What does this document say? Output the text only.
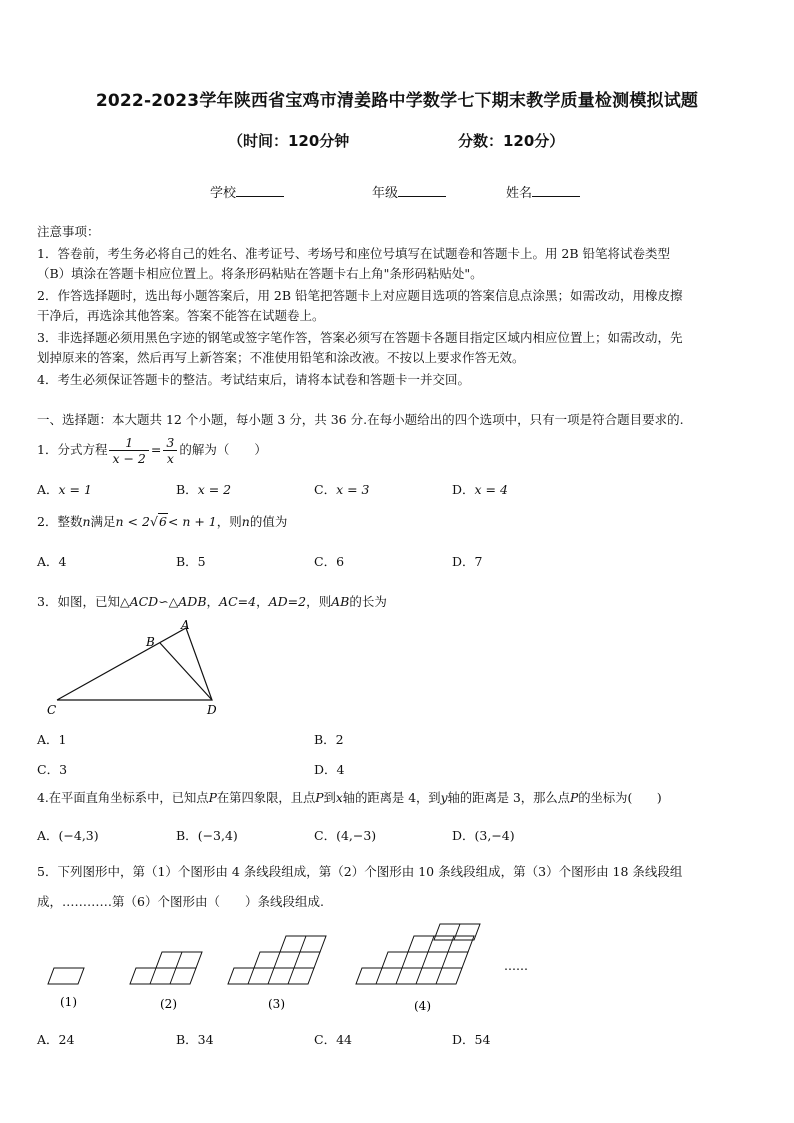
2022-2023学年陕西省宝鸡市清姜路中学数学七下期末教学质量检测模拟试题
（时间：120分钟	分数：120分）
学校	年级	姓名
注意事项：
1．答卷前，考生务必将自己的姓名、准考证号、考场号和座位号填写在试题卷和答题卡上。用 2B 铅笔将试卷类型
（B）填涂在答题卡相应位置上。将条形码粘贴在答题卡右上角"条形码粘贴处"。
2．作答选择题时，选出每小题答案后，用 2B 铅笔把答题卡上对应题目选项的答案信息点涂黑；如需改动，用橡皮擦
干净后，再选涂其他答案。答案不能答在试题卷上。
3．非选择题必须用黑色字迹的钢笔或签字笔作答，答案必须写在答题卡各题目指定区域内相应位置上；如需改动，先
划掉原来的答案，然后再写上新答案；不准使用铅笔和涂改液。不按以上要求作答无效。
4．考生必须保证答题卡的整洁。考试结束后，请将本试卷和答题卡一并交回。
一、选择题：本大题共 12 个小题，每小题 3 分，共 36 分.在每小题给出的四个选项中，只有一项是符合题目要求的.
1．分式方程 $\frac{1}{x - 2} = \frac{3}{x}$ 的解为（　　）
A．x = 1	B．x = 2	C．x = 3	D．x = 4
2．整数n满足n < 2√6< n + 1，则n的值为
A．4	B．5	C．6	D．7
3．如图，已知△ACD∽△ADB，AC=4，AD=2，则AB的长为
A
B
C	D
A．1	B．2
C．3	D．4
4.在平面直角坐标系中，已知点P在第四象限，且点P到x轴的距离是 4，到y轴的距离是 3，那么点P的坐标为(　　)
A．(−4,3)	B．(−3,4)	C．(4,−3)	D．(3,−4)
5．下列图形中，第（1）个图形由 4 条线段组成，第（2）个图形由 10 条线段组成，第（3）个图形由 18 条线段组
成，…………第（6）个图形由（　　）条线段组成.
……
(1)	(2)	(3)	(4)
A．24	B．34	C．44	D．54
